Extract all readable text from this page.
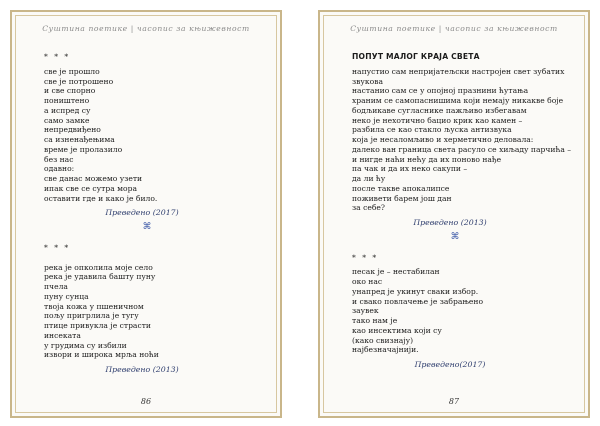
Суштина поетике | часопис за књижевност
* * *
све је прошло
све је потрошено
и све спорно
поништено
а испред су
само замке
непредвиђено
са изненађењима
време је пролазило
без нас
одавно:
све данас можемо узети
ипак све се сутра мора
оставити где и како је било.
Преведено (2017)
⌘
* * *
река је опколила моје село
река је удавила башту пуну
пчела
пуну сунца
твоја кожа у пшеничном
пољу пригрлила је тугу
птице привукла је страсти
инсеката
у грудима су избили
извори и широка мрља ноћи
Преведено (2013)
86
Суштина поетике | часопис за књижевност
ПОПУТ МАЛОГ КРАЈА СВЕТА
напустио сам непријатељски настројен свет зубатих
звукова
настанио сам се у опојној празнини ћутања
храним се самопаснишима који немају никакве боје
бодљикаве сугласнике пажљиво избегавам
неко је нехотично бацио крик као камен –
разбила се као стакло љуска антизвука
која је несаломљиво и херметично деловала:
далеко ван граница света расуло се хиљаду парчића –
и нигде наћи нећу да их поново нађе
па чак и да их неко сакупи –
да ли ћу
после такве апокалипсе
поживети барем још дан
за себе?
Преведено (2013)
⌘
* * *
песак је – нестабилан
око нас
унапред је укинут сваки избор.
и свако повлачење је забрањено
заувек
тако нам је
као инсектима који су
(како свизнају)
најбезначајнији.
Преведено(2017)
87
